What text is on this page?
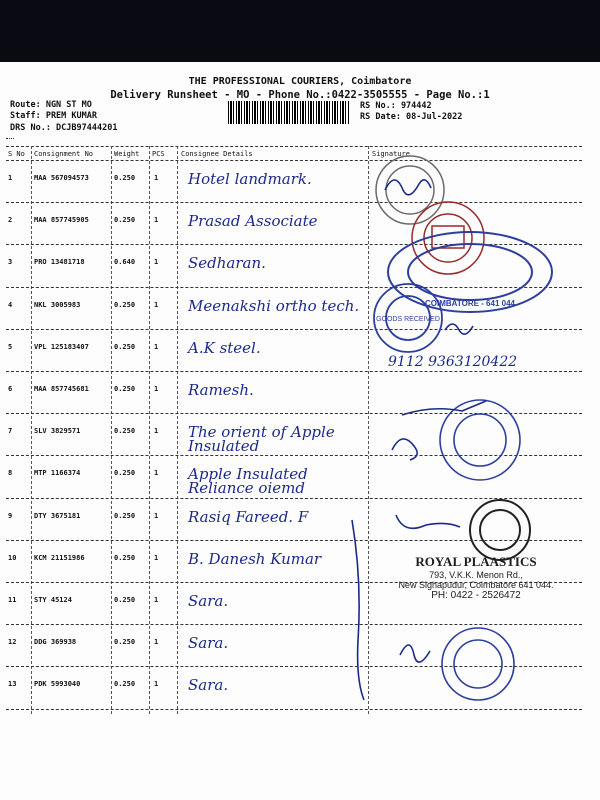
THE PROFESSIONAL COURIERS, Coimbatore
Delivery Runsheet - MO - Phone No.:0422-3505555 - Page No.:1
Route: NGN ST MO
Staff: PREM KUMAR
DRS No.: DCJB97444201
RS No.: 974442
RS Date: 08-Jul-2022
S No Consignment No	Weight PCS Consignee Details	Signature
1	MAA 567094573	0.250	1 Hotel landmark.
2	MAA 857745905	0.250	1 Prasad Associate
3	PRO 13481718	0.640	1 Sedharan.
4	NKL 3005983	0.250	1 Meenakshi ortho tech.
5	VPL 125183407	0.250	1 A.K steel.
6	MAA 857745681	0.250	1 Ramesh.
7	SLV 3829571	0.250	1 The orient of Apple Insulated
8	MTP 1166374	0.250	1 Apple Insulated Reliance oiemd
9	DTY 3675181	0.250	1 Rasiq Fareed. F
10	KCM 21151986	0.250	1 B. Danesh Kumar
11	STY 45124	0.250	1 Sara.
12	DDG 369938	0.250	1 Sara.
13	PDK 5993040	0.250	1 Sara.
9112 9363120422
COIMBATORE - 641 044
GOODS RECEIVED
ROYAL PLAASTICS
793, V.K.K. Menon Rd.,
New Sighapudur, Coimbatore 641 044.
PH: 0422 - 2526472
